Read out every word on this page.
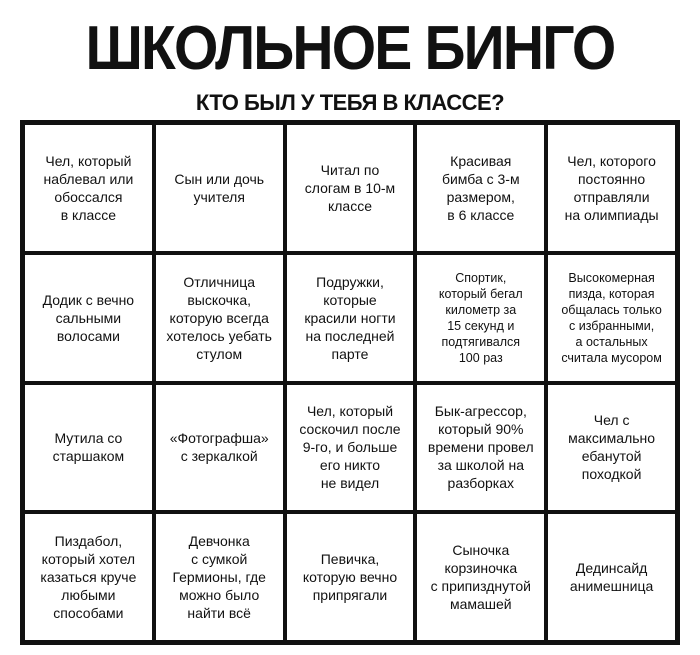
ШКОЛЬНОЕ БИНГО
КТО БЫЛ У ТЕБЯ В КЛАССЕ?
Чел, который
наблевал или
обоссался
в классе
Сын или дочь
учителя
Читал по
слогам в 10-м
классе
Красивая
бимба с 3-м
размером,
в 6 классе
Чел, которого
постоянно
отправляли
на олимпиады
Додик с вечно
сальными
волосами
Отличница
выскочка,
которую всегда
хотелось уебать
стулом
Подружки,
которые
красили ногти
на последней
парте
Спортик,
который бегал
километр за
15 секунд и
подтягивался
100 раз
Высокомерная
пизда, которая
общалась только
с избранными,
а остальных
считала мусором
Мутила со
старшаком
«Фотографша»
с зеркалкой
Чел, который
соскочил после
9-го, и больше
его никто
не видел
Бык-агрессор,
который 90%
времени провел
за школой на
разборках
Чел с
максимально
ебанутой
походкой
Пиздабол,
который хотел
казаться круче
любыми
способами
Девчонка
с сумкой
Гермионы, где
можно было
найти всё
Певичка,
которую вечно
припрягали
Сыночка
корзиночка
с припизднутой
мамашей
Дединсайд
анимешница
